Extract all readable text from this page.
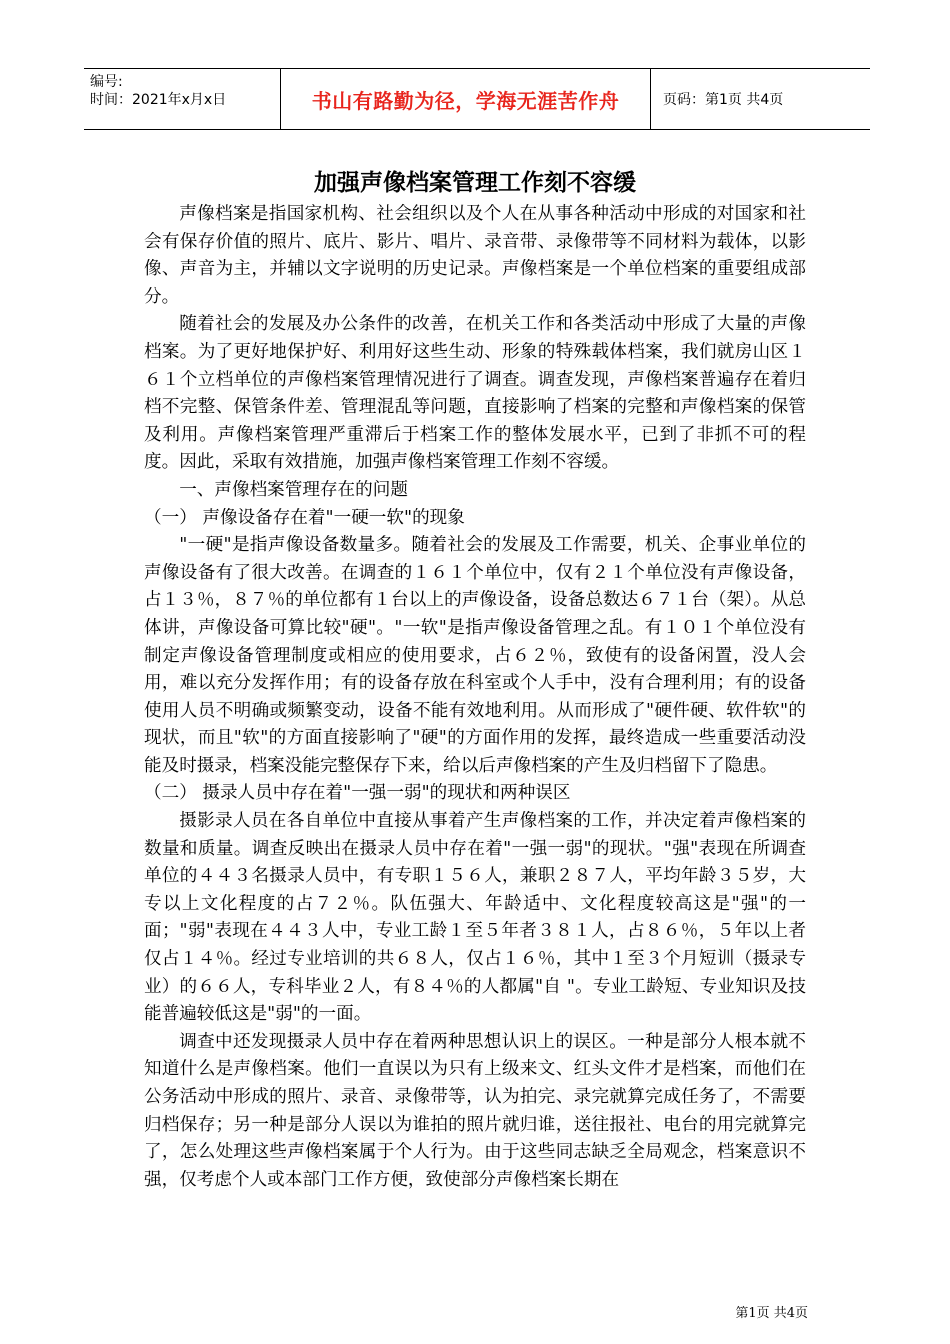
编号:
时间：2021年x月x日	书山有路勤为径，学海无涯苦作舟	页码：第1页 共4页
加强声像档案管理工作刻不容缓

声像档案是指国家机构、社会组织以及个人在从事各种活动中形成的对国家和社会有保存价值的照片、底片、影片、唱片、录音带、录像带等不同材料为载体，以影像、声音为主，并辅以文字说明的历史记录。声像档案是一个单位档案的重要组成部分。

随着社会的发展及办公条件的改善，在机关工作和各类活动中形成了大量的声像档案。为了更好地保护好、利用好这些生动、形象的特殊载体档案，我们就房山区１６１个立档单位的声像档案管理情况进行了调查。调查发现，声像档案普遍存在着归档不完整、保管条件差、管理混乱等问题，直接影响了档案的完整和声像档案的保管及利用。声像档案管理严重滞后于档案工作的整体发展水平，已到了非抓不可的程度。因此，采取有效措施，加强声像档案管理工作刻不容缓。

一、声像档案管理存在的问题

（一） 声像设备存在着"一硬一软"的现象

"一硬"是指声像设备数量多。随着社会的发展及工作需要，机关、企事业单位的声像设备有了很大改善。在调查的１６１个单位中，仅有２１个单位没有声像设备，占１３％，８７％的单位都有１台以上的声像设备，设备总数达６７１台（架）。从总体讲，声像设备可算比较"硬"。"一软"是指声像设备管理之乱。有１０１个单位没有制定声像设备管理制度或相应的使用要求，占６２％，致使有的设备闲置，没人会用，难以充分发挥作用；有的设备存放在科室或个人手中，没有合理利用；有的设备使用人员不明确或频繁变动，设备不能有效地利用。从而形成了"硬件硬、软件软"的现状，而且"软"的方面直接影响了"硬"的方面作用的发挥，最终造成一些重要活动没能及时摄录，档案没能完整保存下来，给以后声像档案的产生及归档留下了隐患。

（二） 摄录人员中存在着"一强一弱"的现状和两种误区

摄影录人员在各自单位中直接从事着产生声像档案的工作，并决定着声像档案的数量和质量。调查反映出在摄录人员中存在着"一强一弱"的现状。"强"表现在所调查单位的４４３名摄录人员中，有专职１５６人，兼职２８７人，平均年龄３５岁，大专以上文化程度的占７２％。队伍强大、年龄适中、文化程度较高这是"强"的一面；"弱"表现在４４３人中，专业工龄１至５年者３８１人，占８６％，５年以上者仅占１４％。经过专业培训的共６８人，仅占１６％，其中１至３个月短训（摄录专业）的６６人，专科毕业２人，有８４％的人都属"自 "。专业工龄短、专业知识及技能普遍较低这是"弱"的一面。

调查中还发现摄录人员中存在着两种思想认识上的误区。一种是部分人根本就不知道什么是声像档案。他们一直误以为只有上级来文、红头文件才是档案，而他们在公务活动中形成的照片、录音、录像带等，认为拍完、录完就算完成任务了，不需要归档保存；另一种是部分人误以为谁拍的照片就归谁，送往报社、电台的用完就算完了，怎么处理这些声像档案属于个人行为。由于这些同志缺乏全局观念，档案意识不强，仅考虑个人或本部门工作方便，致使部分声像档案长期在

第1页 共4页
